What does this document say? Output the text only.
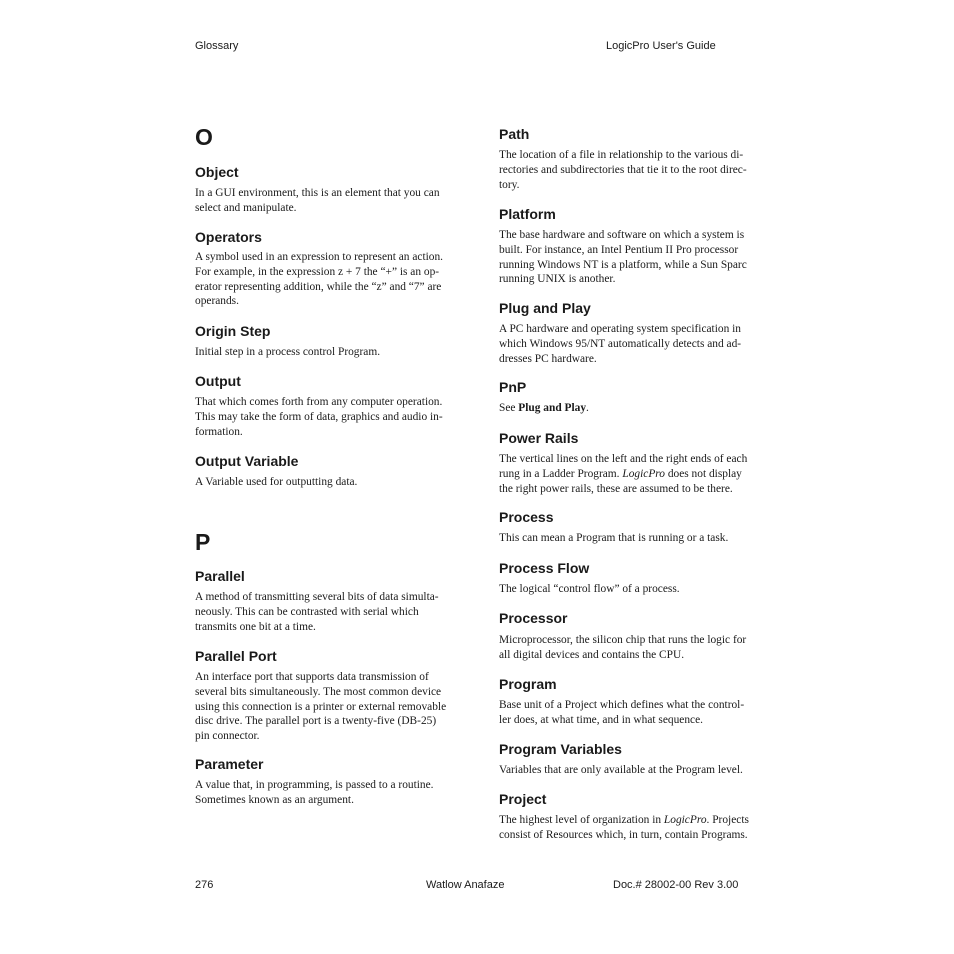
Glossary	LogicPro User's Guide
O
Object
In a GUI environment, this is an element that you can
select and manipulate.
Operators
A symbol used in an expression to represent an action.
For example, in the expression z + 7 the “+” is an op-
erator representing addition, while the “z” and “7” are
operands.
Origin Step
Initial step in a process control Program.
Output
That which comes forth from any computer operation.
This may take the form of data, graphics and audio in-
formation.
Output Variable
A Variable used for outputting data.
P
Parallel
A method of transmitting several bits of data simulta-
neously. This can be contrasted with serial which
transmits one bit at a time.
Parallel Port
An interface port that supports data transmission of
several bits simultaneously. The most common device
using this connection is a printer or external removable
disc drive. The parallel port is a twenty-five (DB-25)
pin connector.
Parameter
A value that, in programming, is passed to a routine.
Sometimes known as an argument.
Path
The location of a file in relationship to the various di-
rectories and subdirectories that tie it to the root direc-
tory.
Platform
The base hardware and software on which a system is
built. For instance, an Intel Pentium II Pro processor
running Windows NT is a platform, while a Sun Sparc
running UNIX is another.
Plug and Play
A PC hardware and operating system specification in
which Windows 95/NT automatically detects and ad-
dresses PC hardware.
PnP
See Plug and Play.
Power Rails
The vertical lines on the left and the right ends of each
rung in a Ladder Program. LogicPro does not display
the right power rails, these are assumed to be there.
Process
This can mean a Program that is running or a task.
Process Flow
The logical “control flow” of a process.
Processor
Microprocessor, the silicon chip that runs the logic for
all digital devices and contains the CPU.
Program
Base unit of a Project which defines what the control-
ler does, at what time, and in what sequence.
Program Variables
Variables that are only available at the Program level.
Project
The highest level of organization in LogicPro. Projects
consist of Resources which, in turn, contain Programs.
276	Watlow Anafaze	Doc.# 28002-00 Rev 3.00
